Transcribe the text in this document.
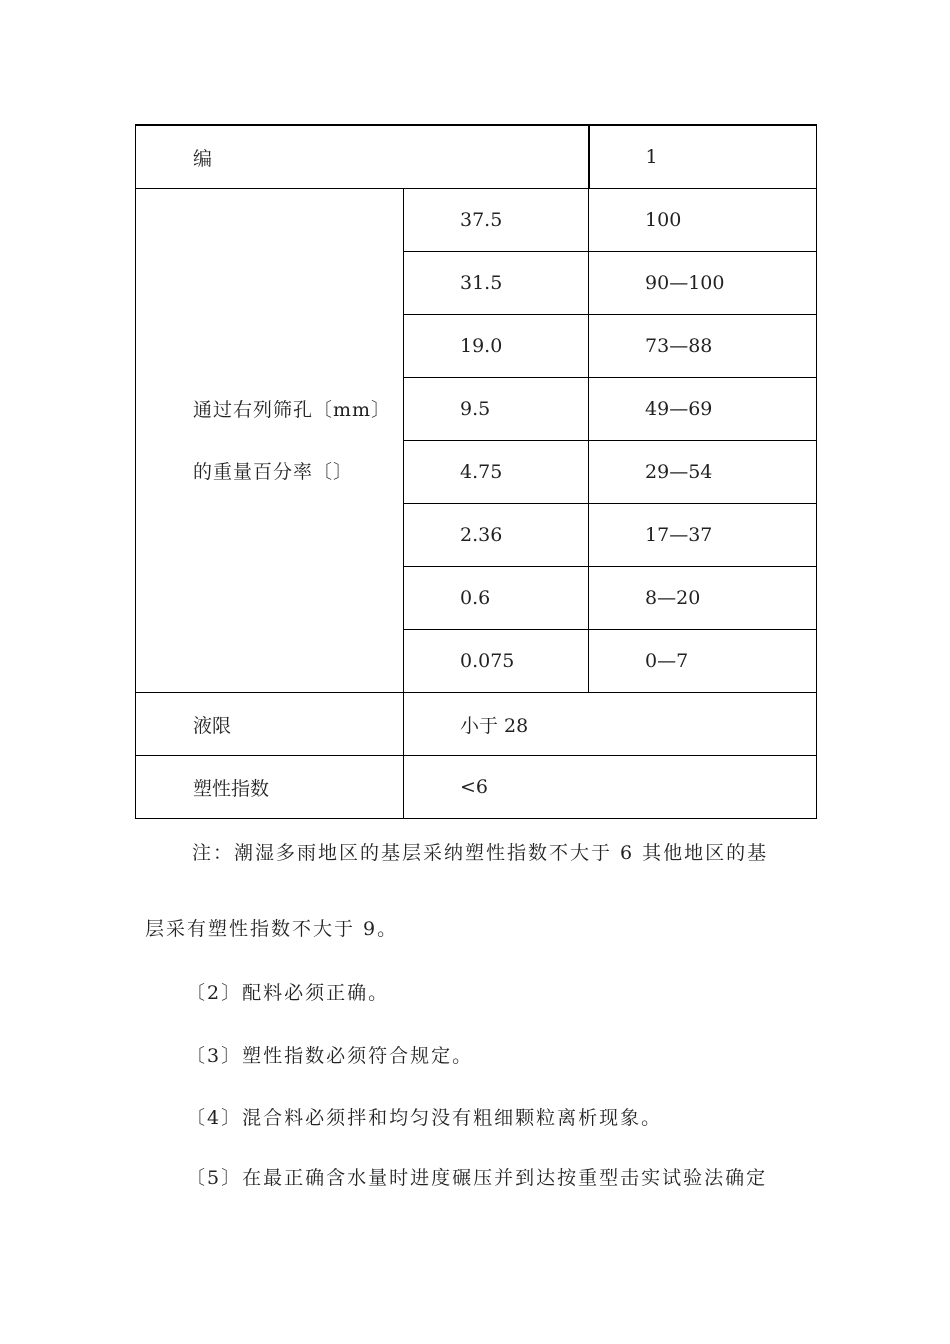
编		1

通过右列筛孔〔mm〕
的重量百分率〔〕	37.5	100
	31.5	90—100
	19.0	73—88
	9.5	49—69
	4.75	29—54
	2.36	17—37
	0.6	8—20
	0.075	0—7
液限	小于 28	
塑性指数	<6	

注：潮湿多雨地区的基层采纳塑性指数不大于 6 其他地区的基

层采有塑性指数不大于 9。

〔2〕配料必须正确。

〔3〕塑性指数必须符合规定。

〔4〕混合料必须拌和均匀没有粗细颗粒离析现象。

〔5〕在最正确含水量时进度碾压并到达按重型击实试验法确定
